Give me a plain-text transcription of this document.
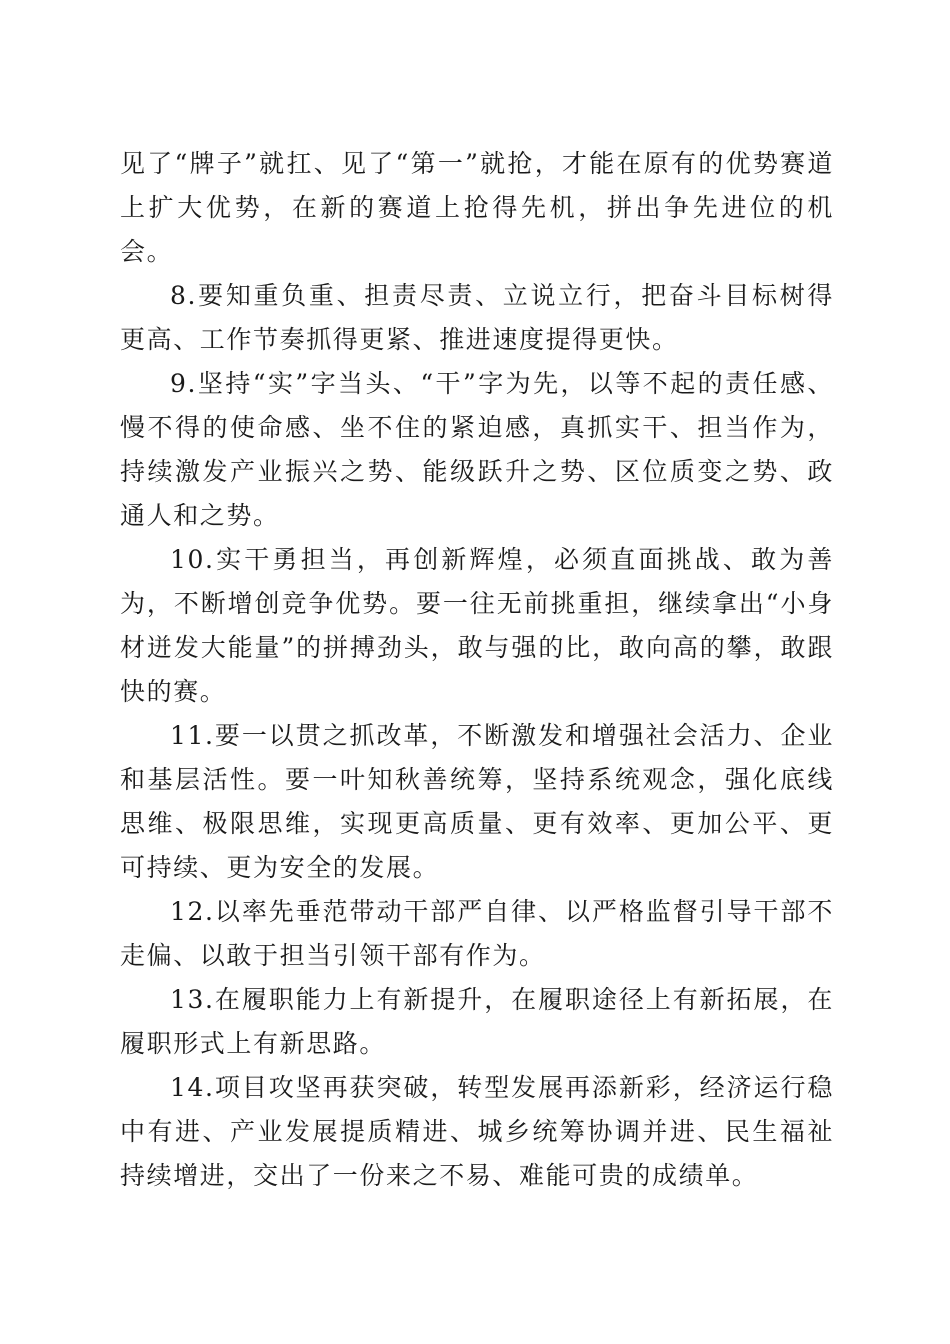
见了“牌子”就扛、见了“第一”就抢，才能在原有的优势赛道上扩大优势，在新的赛道上抢得先机，拼出争先进位的机会。

8.要知重负重、担责尽责、立说立行，把奋斗目标树得更高、工作节奏抓得更紧、推进速度提得更快。

9.坚持“实”字当头、“干”字为先，以等不起的责任感、慢不得的使命感、坐不住的紧迫感，真抓实干、担当作为，持续激发产业振兴之势、能级跃升之势、区位质变之势、政通人和之势。

10.实干勇担当，再创新辉煌，必须直面挑战、敢为善为，不断增创竞争优势。要一往无前挑重担，继续拿出“小身材迸发大能量”的拼搏劲头，敢与强的比，敢向高的攀，敢跟快的赛。

11.要一以贯之抓改革，不断激发和增强社会活力、企业和基层活性。要一叶知秋善统筹，坚持系统观念，强化底线思维、极限思维，实现更高质量、更有效率、更加公平、更可持续、更为安全的发展。

12.以率先垂范带动干部严自律、以严格监督引导干部不走偏、以敢于担当引领干部有作为。

13.在履职能力上有新提升，在履职途径上有新拓展，在履职形式上有新思路。

14.项目攻坚再获突破，转型发展再添新彩，经济运行稳中有进、产业发展提质精进、城乡统筹协调并进、民生福祉持续增进，交出了一份来之不易、难能可贵的成绩单。
